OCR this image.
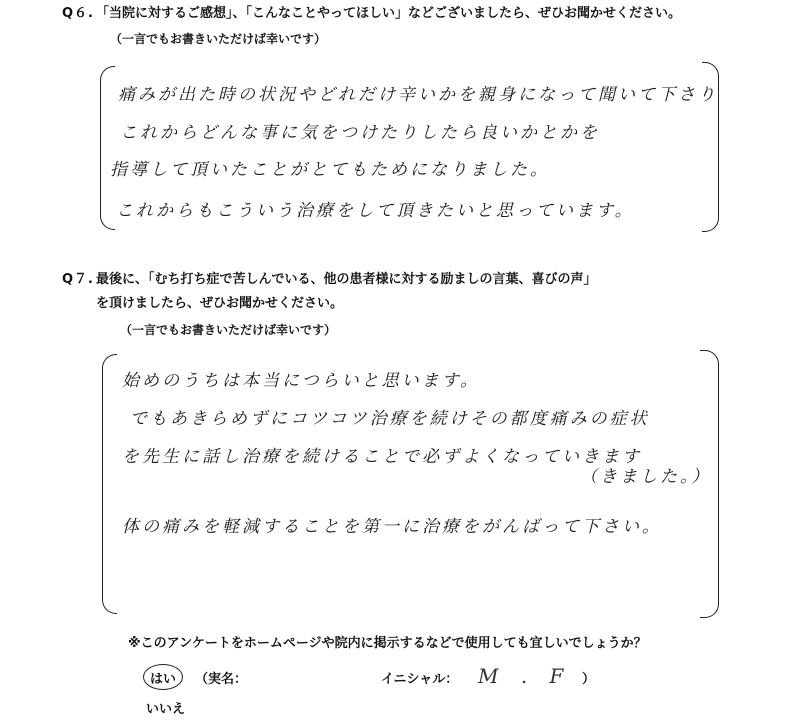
Q６. 「当院に対するご感想」、「こんなことやってほしい」などございましたら、ぜひお聞かせください。
（一言でもお書きいただけば幸いです）
痛みが出た時の状況やどれだけ辛いかを親身になって聞いて下さり
これからどんな事に気をつけたりしたら良いかとかを
指導して頂いたことがとてもためになりました。
これからもこういう治療をして頂きたいと思っています。
Q７. 最後に、「むち打ち症で苦しんでいる、他の患者様に対する励ましの言葉、喜びの声」
を頂けましたら、ぜひお聞かせください。
（一言でもお書きいただけば幸いです）
始めのうちは本当につらいと思います。
でもあきらめずにコツコツ治療を続けその都度痛みの症状
を先生に話し治療を続けることで必ずよくなっていきます
（きました。）
体の痛みを軽減することを第一に治療をがんばって下さい。
※このアンケートをホームページや院内に掲示するなどで使用しても宜しいでしょうか？
はい （実名：	イニシャル： M . F ）
いいえ
